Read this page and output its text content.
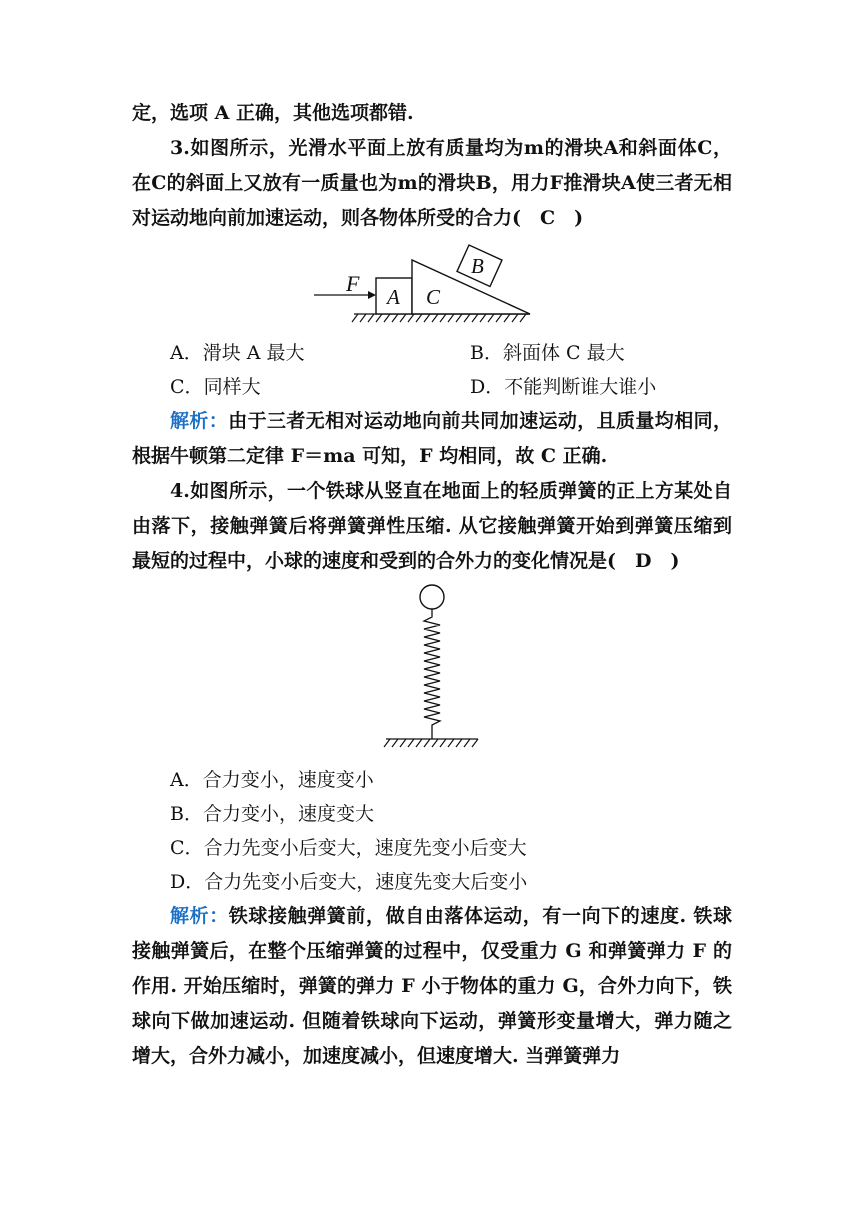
定，选项 A 正确，其他选项都错.

3.如图所示，光滑水平面上放有质量均为m的滑块A和斜面体C，在C的斜面上又放有一质量也为m的滑块B，用力F推滑块A使三者无相对运动地向前加速运动，则各物体所受的合力(　C　)

F
A C
B
A．滑块 A 最大	B．斜面体 C 最大
C．同样大	D．不能判断谁大谁小

解析：由于三者无相对运动地向前共同加速运动，且质量均相同，根据牛顿第二定律 F＝ma 可知，F 均相同，故 C 正确.

4.如图所示，一个铁球从竖直在地面上的轻质弹簧的正上方某处自由落下，接触弹簧后将弹簧弹性压缩. 从它接触弹簧开始到弹簧压缩到最短的过程中，小球的速度和受到的合外力的变化情况是(　D　)

A．合力变小，速度变小
B．合力变小，速度变大
C．合力先变小后变大，速度先变小后变大
D．合力先变小后变大，速度先变大后变小

解析：铁球接触弹簧前，做自由落体运动，有一向下的速度. 铁球接触弹簧后，在整个压缩弹簧的过程中，仅受重力 G 和弹簧弹力 F 的作用. 开始压缩时，弹簧的弹力 F 小于物体的重力 G，合外力向下，铁球向下做加速运动. 但随着铁球向下运动，弹簧形变量增大，弹力随之增大，合外力减小，加速度减小，但速度增大. 当弹簧弹力
